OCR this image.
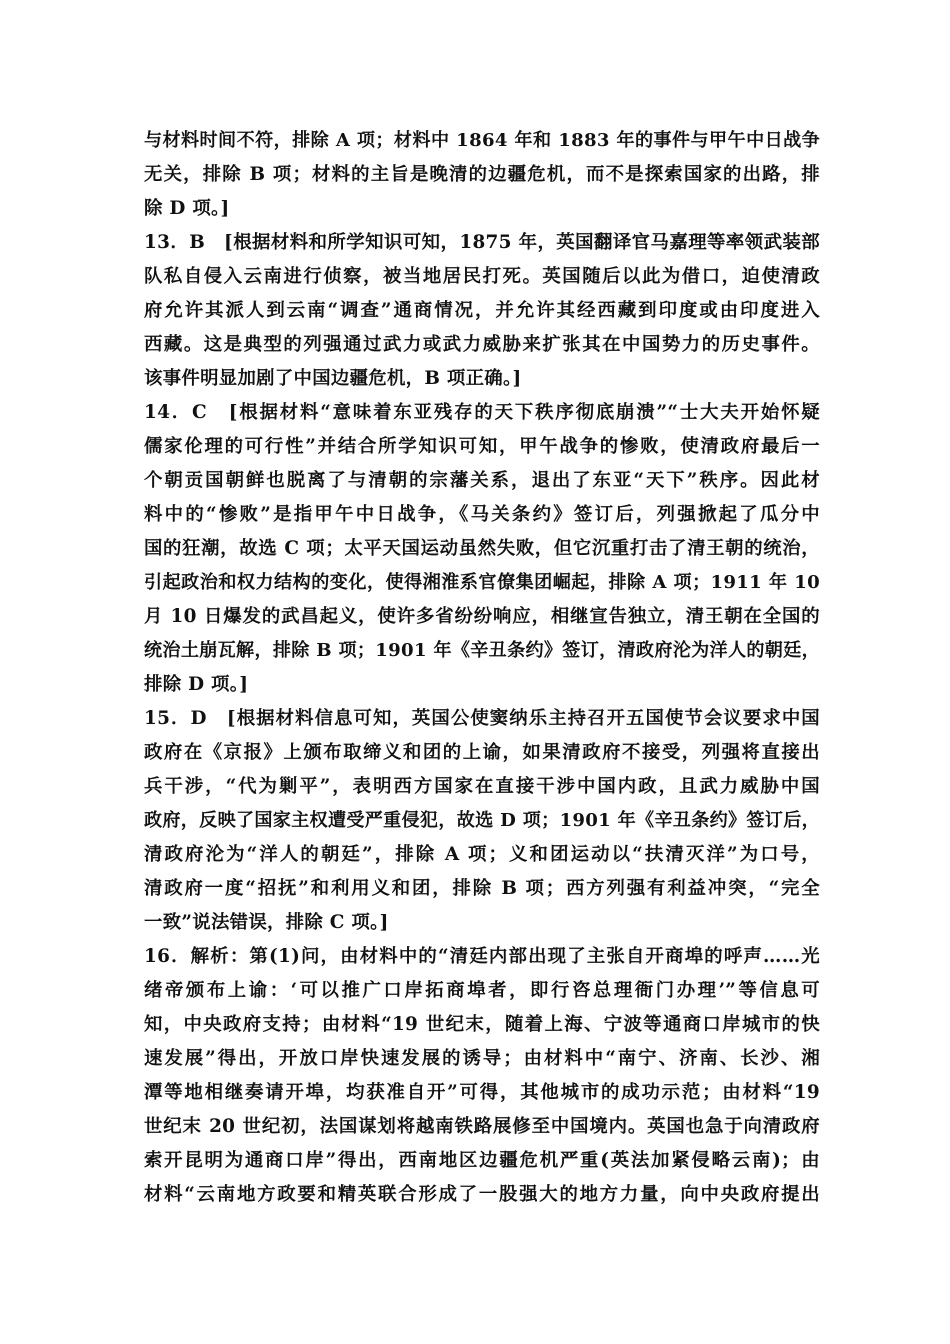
与材料时间不符，排除 A 项；材料中 1864 年和 1883 年的事件与甲午中日战争
无关，排除 B 项；材料的主旨是晚清的边疆危机，而不是探索国家的出路，排
除 D 项。]
13．B　[根据材料和所学知识可知，1875 年，英国翻译官马嘉理等率领武装部
队私自侵入云南进行侦察，被当地居民打死。英国随后以此为借口，迫使清政
府允许其派人到云南“调查”通商情况，并允许其经西藏到印度或由印度进入
西藏。这是典型的列强通过武力或武力威胁来扩张其在中国势力的历史事件。
该事件明显加剧了中国边疆危机，B 项正确。]
14．C　[根据材料“意味着东亚残存的天下秩序彻底崩溃”“士大夫开始怀疑
儒家伦理的可行性”并结合所学知识可知，甲午战争的惨败，使清政府最后一
个朝贡国朝鲜也脱离了与清朝的宗藩关系，退出了东亚“天下”秩序。因此材
料中的“惨败”是指甲午中日战争，《马关条约》签订后，列强掀起了瓜分中
国的狂潮，故选 C 项；太平天国运动虽然失败，但它沉重打击了清王朝的统治，
引起政治和权力结构的变化，使得湘淮系官僚集团崛起，排除 A 项；1911 年 10
月 10 日爆发的武昌起义，使许多省纷纷响应，相继宣告独立，清王朝在全国的
统治土崩瓦解，排除 B 项；1901 年《辛丑条约》签订，清政府沦为洋人的朝廷，
排除 D 项。]
15．D　[根据材料信息可知，英国公使窦纳乐主持召开五国使节会议要求中国
政府在《京报》上颁布取缔义和团的上谕，如果清政府不接受，列强将直接出
兵干涉，“代为剿平”，表明西方国家在直接干涉中国内政，且武力威胁中国
政府，反映了国家主权遭受严重侵犯，故选 D 项；1901 年《辛丑条约》签订后，
清政府沦为“洋人的朝廷”，排除 A 项；义和团运动以“扶清灭洋”为口号，
清政府一度“招抚”和利用义和团，排除 B 项；西方列强有利益冲突，“完全
一致”说法错误，排除 C 项。]
16．解析：第(1)问，由材料中的“清廷内部出现了主张自开商埠的呼声……光
绪帝颁布上谕：‘可以推广口岸拓商埠者，即行咨总理衙门办理’”等信息可
知，中央政府支持；由材料“19 世纪末，随着上海、宁波等通商口岸城市的快
速发展”得出，开放口岸快速发展的诱导；由材料中“南宁、济南、长沙、湘
潭等地相继奏请开埠，均获准自开”可得，其他城市的成功示范；由材料“19
世纪末 20 世纪初，法国谋划将越南铁路展修至中国境内。英国也急于向清政府
索开昆明为通商口岸”得出，西南地区边疆危机严重(英法加紧侵略云南)；由
材料“云南地方政要和精英联合形成了一股强大的地方力量，向中央政府提出
